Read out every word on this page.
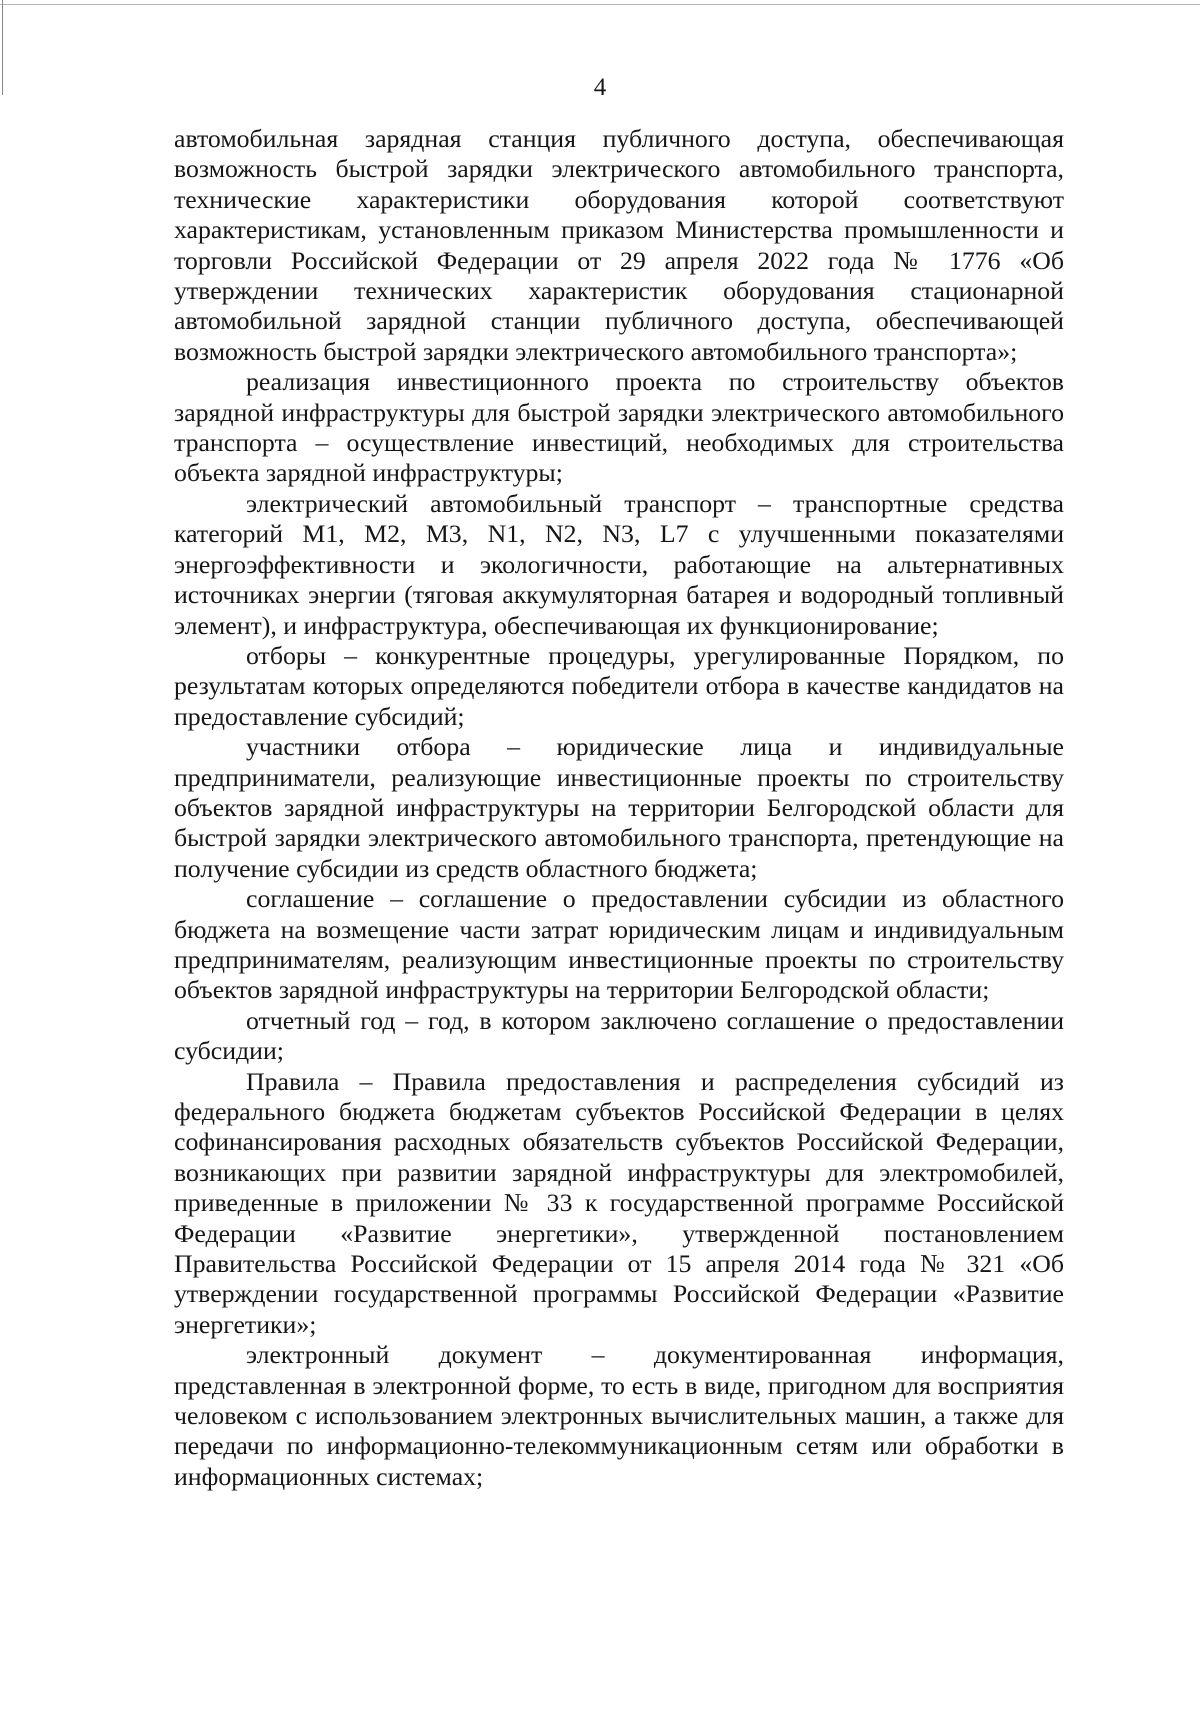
4

автомобильная зарядная станция публичного доступа, обеспечивающая возможность быстрой зарядки электрического автомобильного транспорта, технические характеристики оборудования которой соответствуют характеристикам, установленным приказом Министерства промышленности и торговли Российской Федерации от 29 апреля 2022 года № 1776 «Об утверждении технических характеристик оборудования стационарной автомобильной зарядной станции публичного доступа, обеспечивающей возможность быстрой зарядки электрического автомобильного транспорта»;

реализация инвестиционного проекта по строительству объектов зарядной инфраструктуры для быстрой зарядки электрического автомобильного транспорта – осуществление инвестиций, необходимых для строительства объекта зарядной инфраструктуры;

электрический автомобильный транспорт – транспортные средства категорий М1, М2, М3, N1, N2, N3, L7 с улучшенными показателями энергоэффективности и экологичности, работающие на альтернативных источниках энергии (тяговая аккумуляторная батарея и водородный топливный элемент), и инфраструктура, обеспечивающая их функционирование;

отборы – конкурентные процедуры, урегулированные Порядком, по результатам которых определяются победители отбора в качестве кандидатов на предоставление субсидий;

участники отбора – юридические лица и индивидуальные предприниматели, реализующие инвестиционные проекты по строительству объектов зарядной инфраструктуры на территории Белгородской области для быстрой зарядки электрического автомобильного транспорта, претендующие на получение субсидии из средств областного бюджета;

соглашение – соглашение о предоставлении субсидии из областного бюджета на возмещение части затрат юридическим лицам и индивидуальным предпринимателям, реализующим инвестиционные проекты по строительству объектов зарядной инфраструктуры на территории Белгородской области;

отчетный год – год, в котором заключено соглашение о предоставлении субсидии;

Правила – Правила предоставления и распределения субсидий из федерального бюджета бюджетам субъектов Российской Федерации в целях софинансирования расходных обязательств субъектов Российской Федерации, возникающих при развитии зарядной инфраструктуры для электромобилей, приведенные в приложении № 33 к государственной программе Российской Федерации «Развитие энергетики», утвержденной постановлением Правительства Российской Федерации от 15 апреля 2014 года № 321 «Об утверждении государственной программы Российской Федерации «Развитие энергетики»;

электронный документ – документированная информация, представленная в электронной форме, то есть в виде, пригодном для восприятия человеком с использованием электронных вычислительных машин, а также для передачи по информационно-телекоммуникационным сетям или обработки в информационных системах;
